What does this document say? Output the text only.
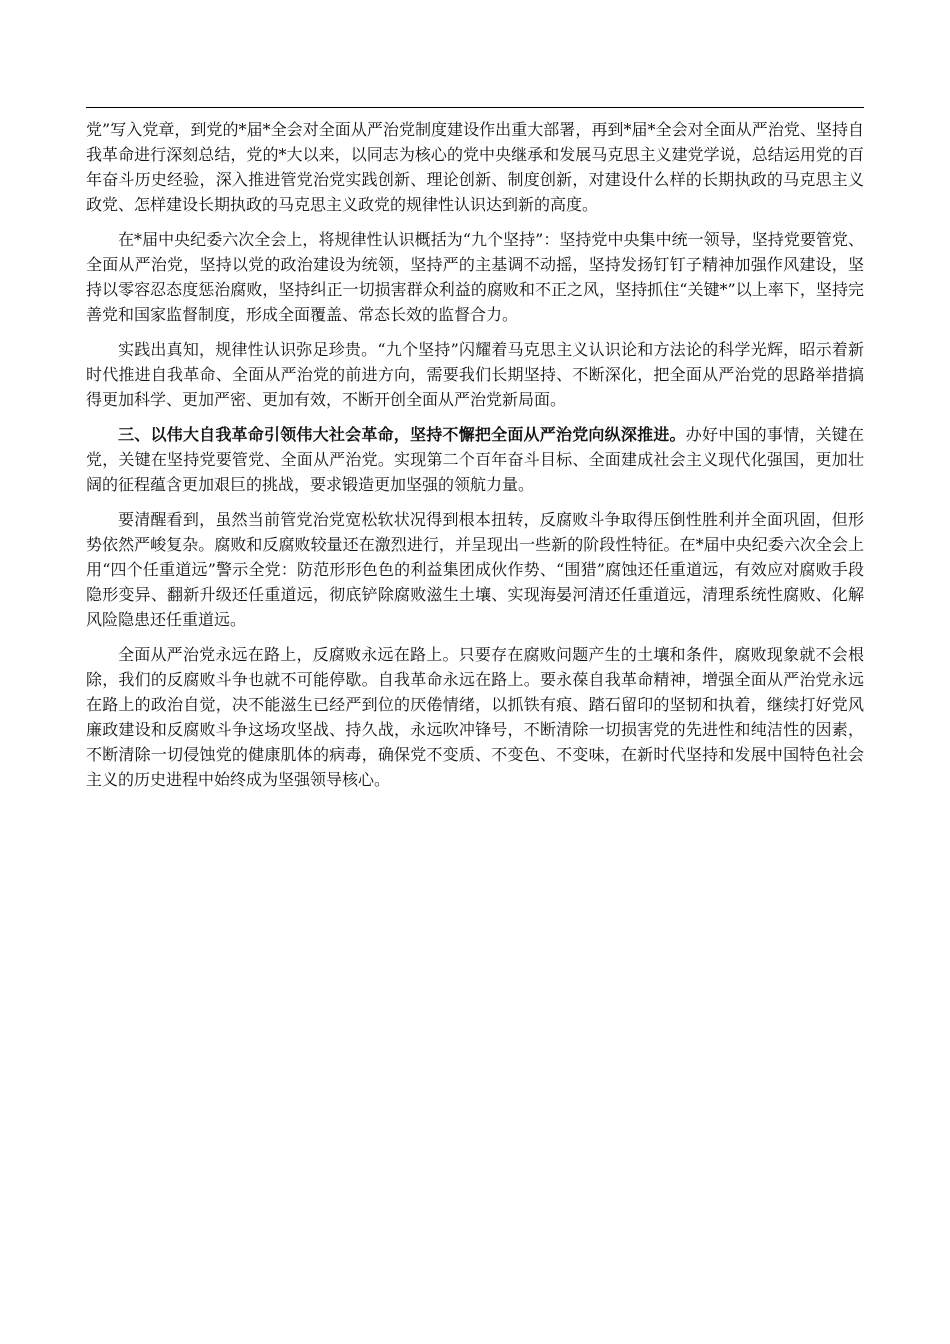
党”写入党章，到党的*届*全会对全面从严治党制度建设作出重大部署，再到*届*全会对全面从严治党、坚持自我革命进行深刻总结，党的*大以来，以同志为核心的党中央继承和发展马克思主义建党学说，总结运用党的百年奋斗历史经验，深入推进管党治党实践创新、理论创新、制度创新，对建设什么样的长期执政的马克思主义政党、怎样建设长期执政的马克思主义政党的规律性认识达到新的高度。

在*届中央纪委六次全会上，将规律性认识概括为“九个坚持”：坚持党中央集中统一领导，坚持党要管党、全面从严治党，坚持以党的政治建设为统领，坚持严的主基调不动摇，坚持发扬钉钉子精神加强作风建设，坚持以零容忍态度惩治腐败，坚持纠正一切损害群众利益的腐败和不正之风，坚持抓住“关键*”以上率下，坚持完善党和国家监督制度，形成全面覆盖、常态长效的监督合力。

实践出真知，规律性认识弥足珍贵。“九个坚持”闪耀着马克思主义认识论和方法论的科学光辉，昭示着新时代推进自我革命、全面从严治党的前进方向，需要我们长期坚持、不断深化，把全面从严治党的思路举措搞得更加科学、更加严密、更加有效，不断开创全面从严治党新局面。

三、以伟大自我革命引领伟大社会革命，坚持不懈把全面从严治党向纵深推进。办好中国的事情，关键在党，关键在坚持党要管党、全面从严治党。实现第二个百年奋斗目标、全面建成社会主义现代化强国，更加壮阔的征程蕴含更加艰巨的挑战，要求锻造更加坚强的领航力量。

要清醒看到，虽然当前管党治党宽松软状况得到根本扭转，反腐败斗争取得压倒性胜利并全面巩固，但形势依然严峻复杂。腐败和反腐败较量还在激烈进行，并呈现出一些新的阶段性特征。在*届中央纪委六次全会上用“四个任重道远”警示全党：防范形形色色的利益集团成伙作势、“围猎”腐蚀还任重道远，有效应对腐败手段隐形变异、翻新升级还任重道远，彻底铲除腐败滋生土壤、实现海晏河清还任重道远，清理系统性腐败、化解风险隐患还任重道远。

全面从严治党永远在路上，反腐败永远在路上。只要存在腐败问题产生的土壤和条件，腐败现象就不会根除，我们的反腐败斗争也就不可能停歇。自我革命永远在路上。要永葆自我革命精神，增强全面从严治党永远在路上的政治自觉，决不能滋生已经严到位的厌倦情绪，以抓铁有痕、踏石留印的坚韧和执着，继续打好党风廉政建设和反腐败斗争这场攻坚战、持久战，永远吹冲锋号，不断清除一切损害党的先进性和纯洁性的因素，不断清除一切侵蚀党的健康肌体的病毒，确保党不变质、不变色、不变味，在新时代坚持和发展中国特色社会主义的历史进程中始终成为坚强领导核心。
